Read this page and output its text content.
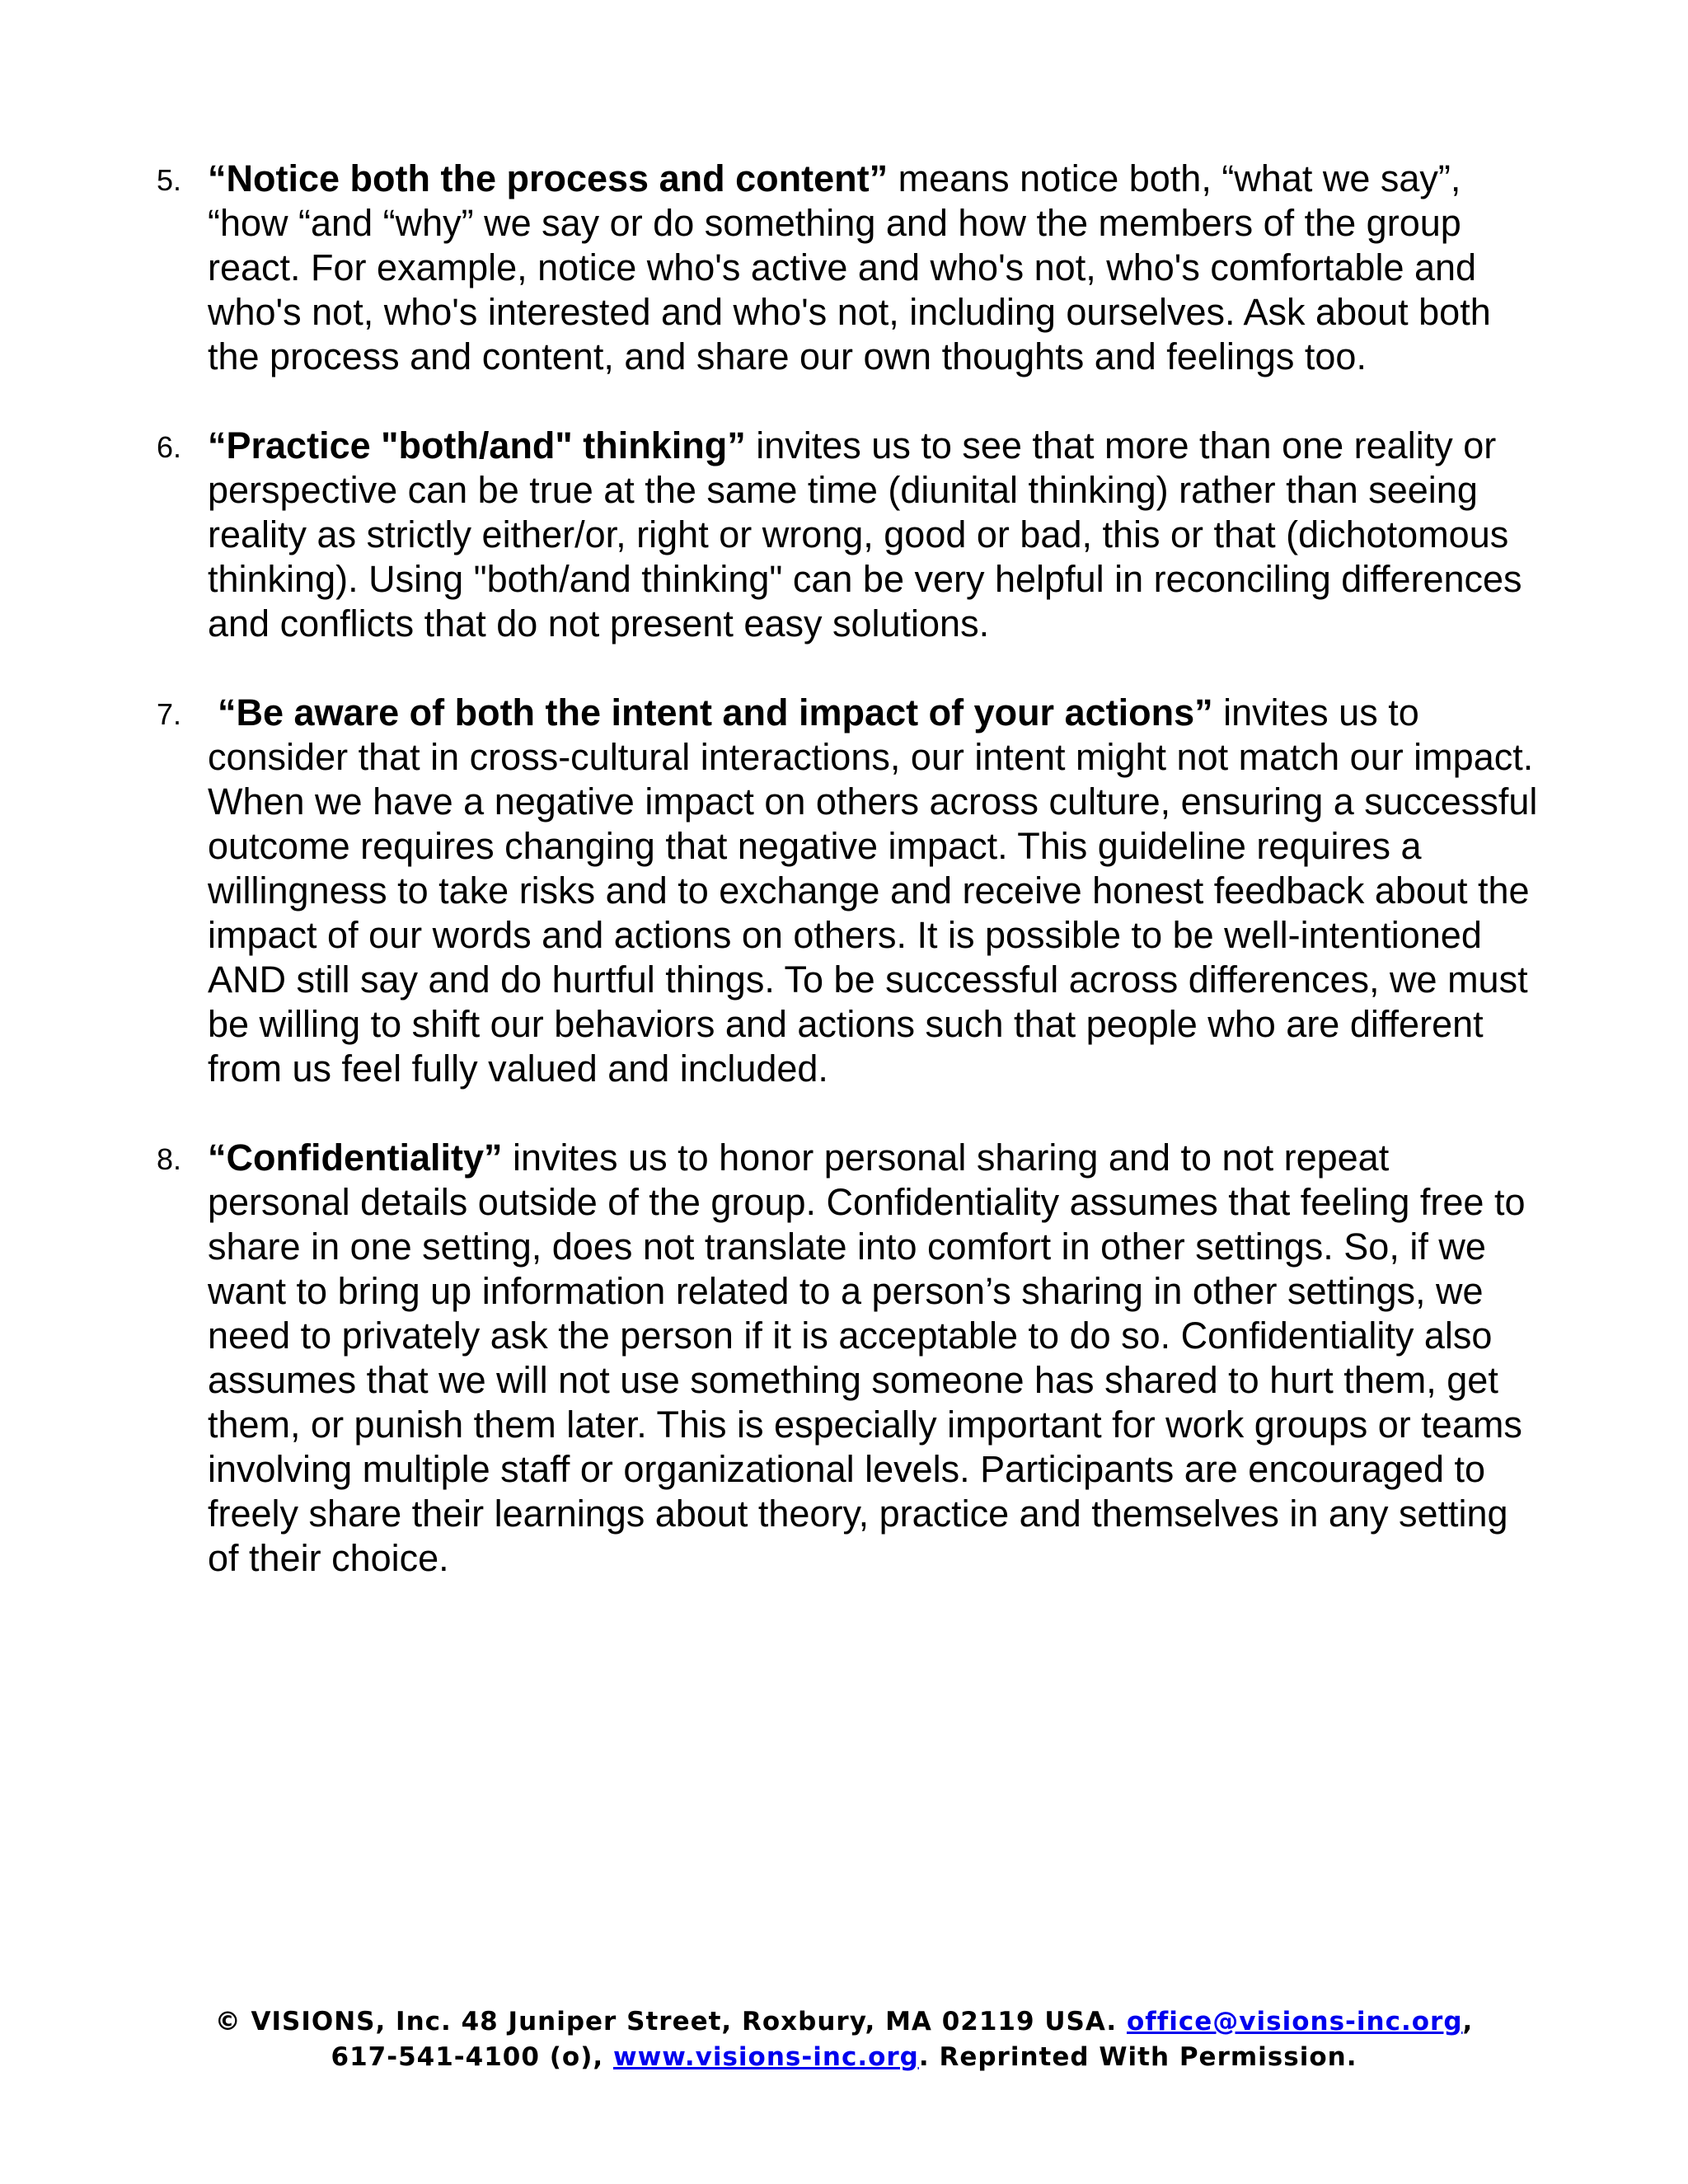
5. “Notice both the process and content” means notice both, “what we say”, “how “and “why” we say or do something and how the members of the group react. For example, notice who's active and who's not, who's comfortable and who's not, who's interested and who's not, including ourselves. Ask about both the process and content, and share our own thoughts and feelings too.
6. “Practice "both/and" thinking” invites us to see that more than one reality or perspective can be true at the same time (diunital thinking) rather than seeing reality as strictly either/or, right or wrong, good or bad, this or that (dichotomous thinking). Using "both/and thinking" can be very helpful in reconciling differences and conflicts that do not present easy solutions.
7. “Be aware of both the intent and impact of your actions” invites us to consider that in cross-cultural interactions, our intent might not match our impact. When we have a negative impact on others across culture, ensuring a successful outcome requires changing that negative impact. This guideline requires a willingness to take risks and to exchange and receive honest feedback about the impact of our words and actions on others. It is possible to be well-intentioned AND still say and do hurtful things. To be successful across differences, we must be willing to shift our behaviors and actions such that people who are different from us feel fully valued and included.
8. “Confidentiality” invites us to honor personal sharing and to not repeat personal details outside of the group. Confidentiality assumes that feeling free to share in one setting, does not translate into comfort in other settings. So, if we want to bring up information related to a person’s sharing in other settings, we need to privately ask the person if it is acceptable to do so. Confidentiality also assumes that we will not use something someone has shared to hurt them, get them, or punish them later. This is especially important for work groups or teams involving multiple staff or organizational levels. Participants are encouraged to freely share their learnings about theory, practice and themselves in any setting of their choice.
© VISIONS, Inc. 48 Juniper Street, Roxbury, MA 02119 USA. office@visions-inc.org,
617-541-4100 (o), www.visions-inc.org. Reprinted With Permission.
